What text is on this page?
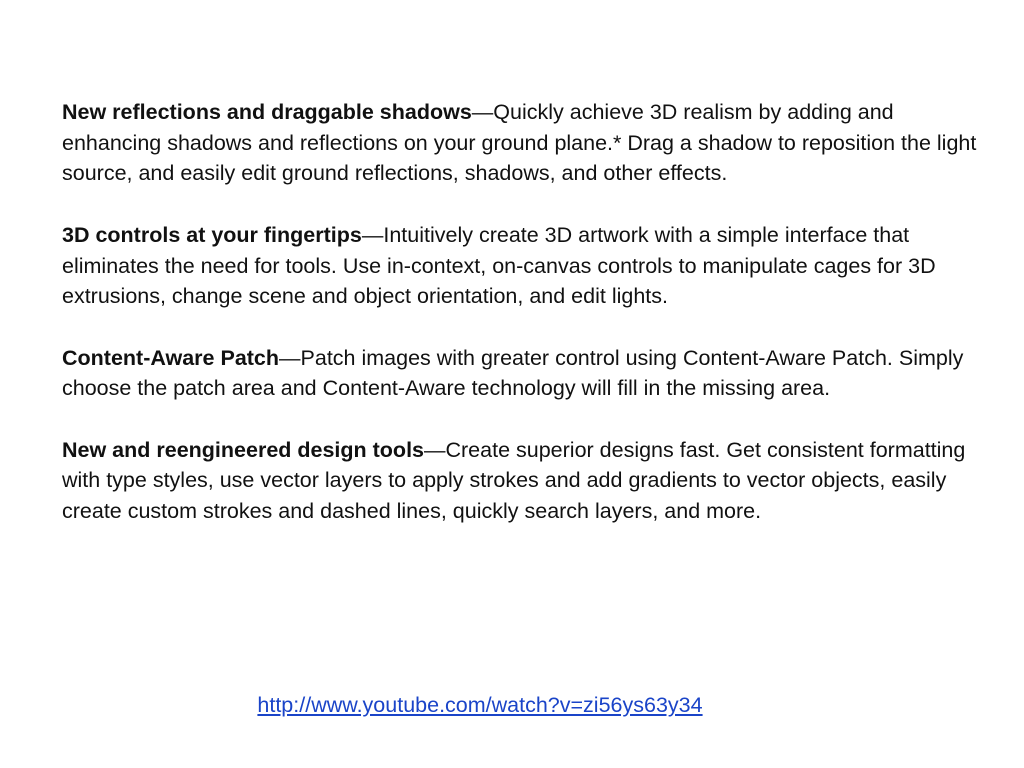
New reflections and draggable shadows—Quickly achieve 3D realism by adding and enhancing shadows and reflections on your ground plane.* Drag a shadow to reposition the light source, and easily edit ground reflections, shadows, and other effects.

3D controls at your fingertips—Intuitively create 3D artwork with a simple interface that eliminates the need for tools. Use in-context, on-canvas controls to manipulate cages for 3D extrusions, change scene and object orientation, and edit lights.

Content-Aware Patch—Patch images with greater control using Content-Aware Patch. Simply choose the patch area and Content-Aware technology will fill in the missing area.

New and reengineered design tools—Create superior designs fast. Get consistent formatting with type styles, use vector layers to apply strokes and add gradients to vector objects, easily create custom strokes and dashed lines, quickly search layers, and more.

http://www.youtube.com/watch?v=zi56ys63y34
